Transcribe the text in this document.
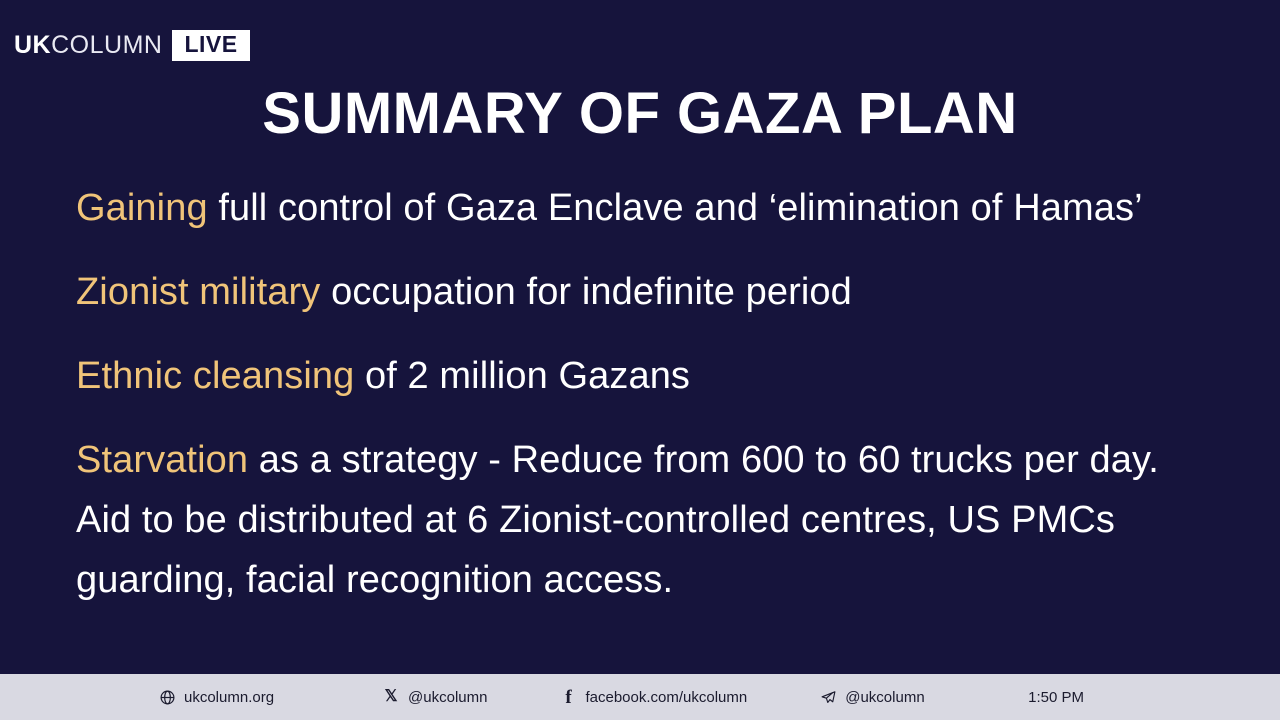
UKCOLUMN LIVE
SUMMARY OF GAZA PLAN
Gaining full control of Gaza Enclave and ‘elimination of Hamas’
Zionist military occupation for indefinite period
Ethnic cleansing of 2 million Gazans
Starvation as a strategy - Reduce from 600 to 60 trucks per day. Aid to be distributed at 6 Zionist-controlled centres, US PMCs guarding, facial recognition access.
ukcolumn.org	𝕏 @ukcolumn	f facebook.com/ukcolumn	@ukcolumn	1:50 PM
